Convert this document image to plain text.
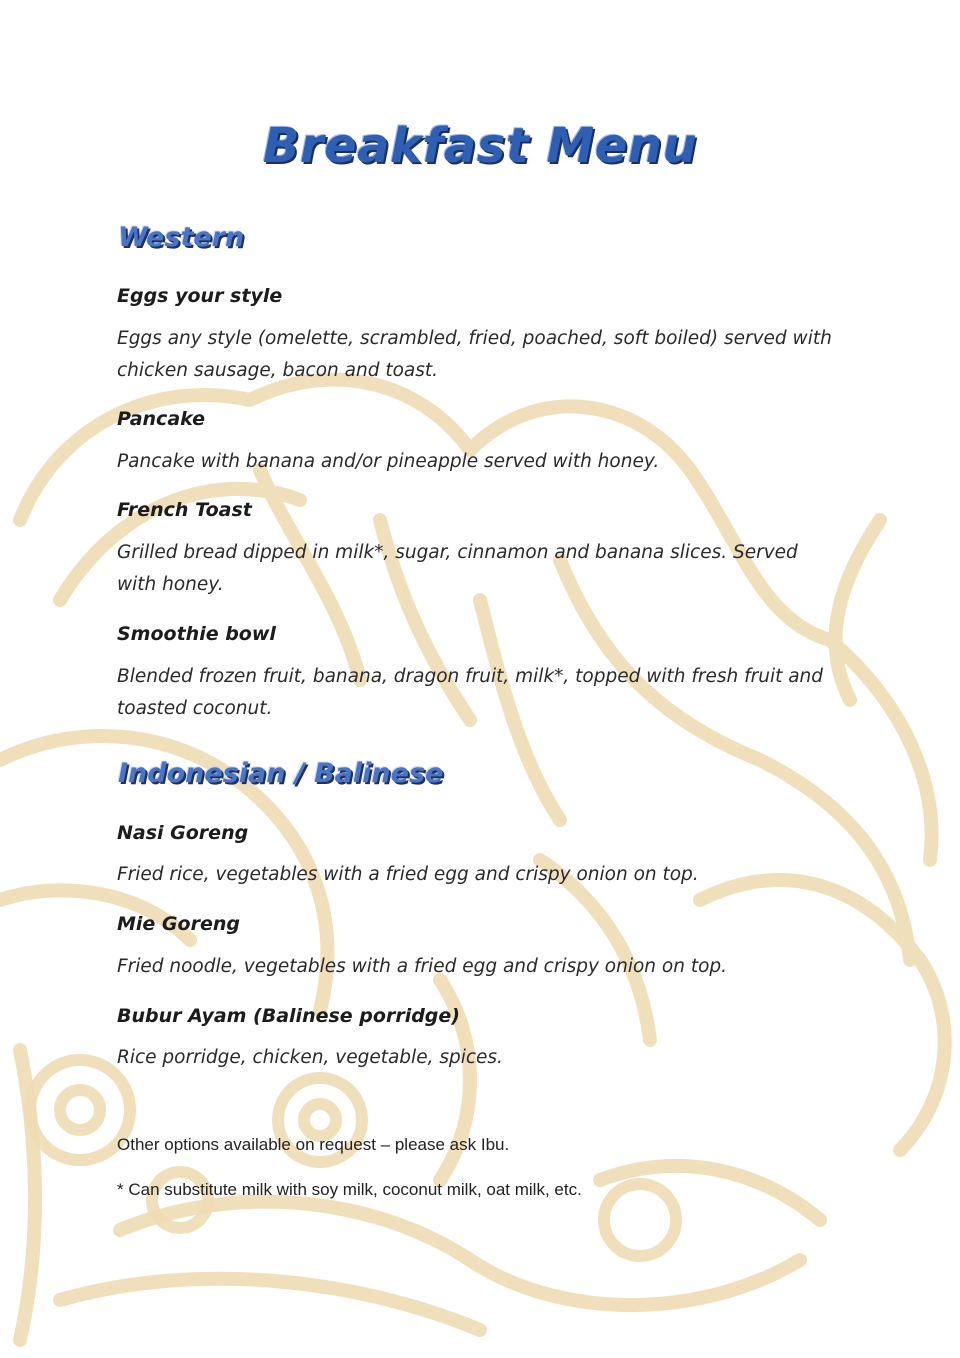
Breakfast Menu
Western
Eggs your style
Eggs any style (omelette, scrambled, fried, poached, soft boiled) served with chicken sausage, bacon and toast.
Pancake
Pancake with banana and/or pineapple served with honey.
French Toast
Grilled bread dipped in milk*, sugar, cinnamon and banana slices. Served with honey.
Smoothie bowl
Blended frozen fruit, banana, dragon fruit, milk*, topped with fresh fruit and toasted coconut.
Indonesian / Balinese
Nasi Goreng
Fried rice, vegetables with a fried egg and crispy onion on top.
Mie Goreng
Fried noodle, vegetables with a fried egg and crispy onion on top.
Bubur Ayam (Balinese porridge)
Rice porridge, chicken, vegetable, spices.
Other options available on request – please ask Ibu.
* Can substitute milk with soy milk, coconut milk, oat milk, etc.
